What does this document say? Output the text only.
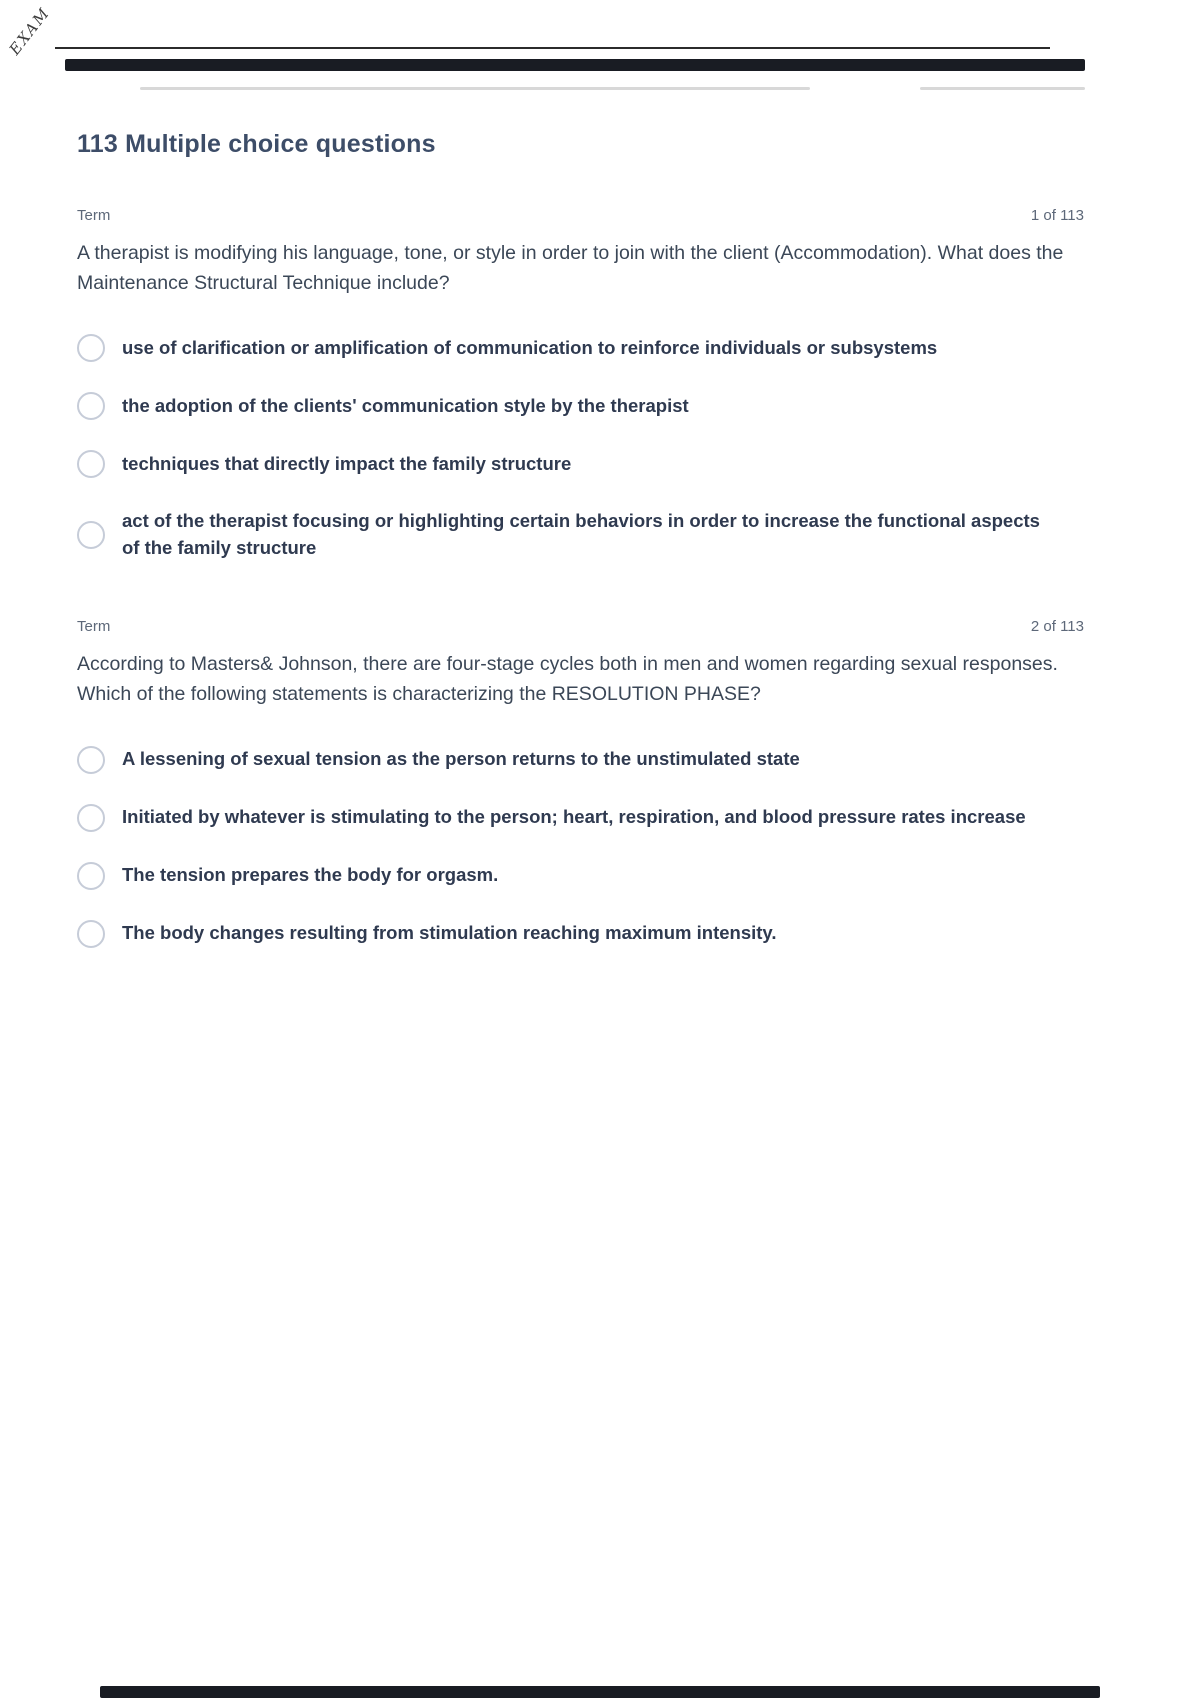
EXAM
113 Multiple choice questions
Term	1 of 113

A therapist is modifying his language, tone, or style in order to join with the client (Accommodation). What does the Maintenance Structural Technique include?

use of clarification or amplification of communication to reinforce individuals or subsystems
the adoption of the clients' communication style by the therapist
techniques that directly impact the family structure
act of the therapist focusing or highlighting certain behaviors in order to increase the functional aspects of the family structure
Term	2 of 113

According to Masters& Johnson, there are four-stage cycles both in men and women regarding sexual responses. Which of the following statements is characterizing the RESOLUTION PHASE?

A lessening of sexual tension as the person returns to the unstimulated state
Initiated by whatever is stimulating to the person; heart, respiration, and blood pressure rates increase
The tension prepares the body for orgasm.
The body changes resulting from stimulation reaching maximum intensity.
